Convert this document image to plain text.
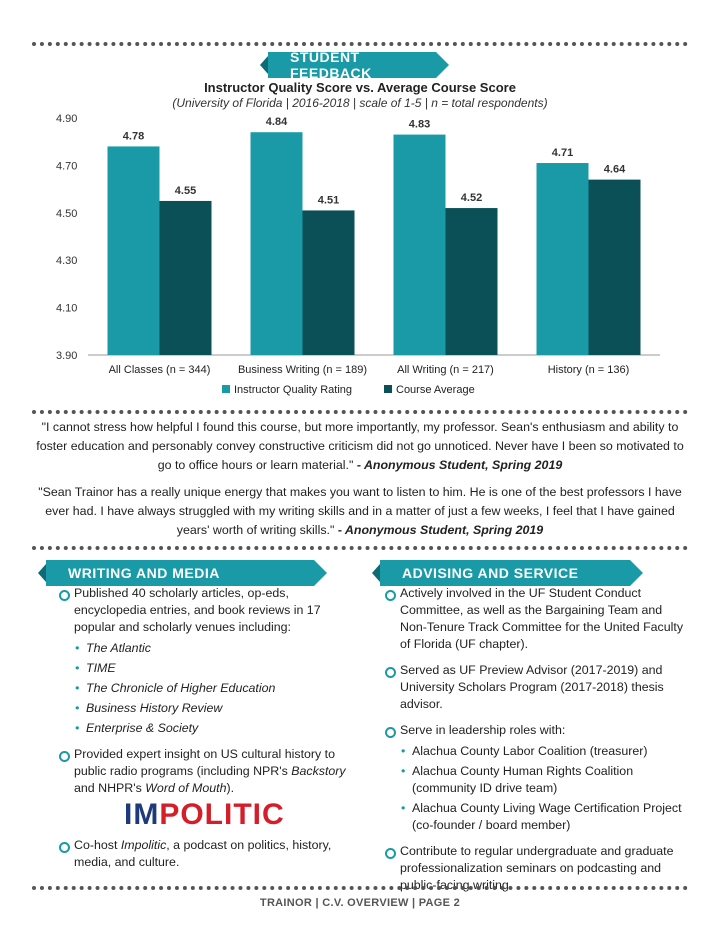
STUDENT FEEDBACK
Instructor Quality Score vs. Average Course Score
(University of Florida | 2016-2018 | scale of 1-5 | n = total respondents)
3.90
4.10
4.30
4.50
4.70
4.90
4.78
4.55
All Classes (n = 344)
4.84
4.51
Business Writing (n = 189)
4.83
4.52
All Writing (n = 217)
4.71
4.64
History (n = 136)
Instructor Quality Rating	Course Average

"I cannot stress how helpful I found this course, but more importantly, my professor. Sean's enthusiasm and ability to foster education and personably convey constructive criticism did not go unnoticed. Never have I been so motivated to go to office hours or learn material." - Anonymous Student, Spring 2019

"Sean Trainor has a really unique energy that makes you want to listen to him. He is one of the best professors I have ever had. I have always struggled with my writing skills and in a matter of just a few weeks, I feel that I have gained years' worth of writing skills." - Anonymous Student, Spring 2019

WRITING AND MEDIA	ADVISING AND SERVICE
Published 40 scholarly articles, op-eds, encyclopedia entries, and book reviews in 17 popular and scholarly venues including:
• The Atlantic
• TIME
• The Chronicle of Higher Education
• Business History Review
• Enterprise & Society
Provided expert insight on US cultural history to public radio programs (including NPR's Backstory and NHPR's Word of Mouth).
IM POLITIC
Co-host Impolitic, a podcast on politics, history, media, and culture.
Actively involved in the UF Student Conduct Committee, as well as the Bargaining Team and Non-Tenure Track Committee for the United Faculty of Florida (UF chapter).
Served as UF Preview Advisor (2017-2019) and University Scholars Program (2017-2018) thesis advisor.
Serve in leadership roles with:
• Alachua County Labor Coalition (treasurer)
• Alachua County Human Rights Coalition (community ID drive team)
• Alachua County Living Wage Certification Project (co-founder / board member)
Contribute to regular undergraduate and graduate professionalization seminars on podcasting and public-facing writing.
TRAINOR | C.V. OVERVIEW | PAGE 2
